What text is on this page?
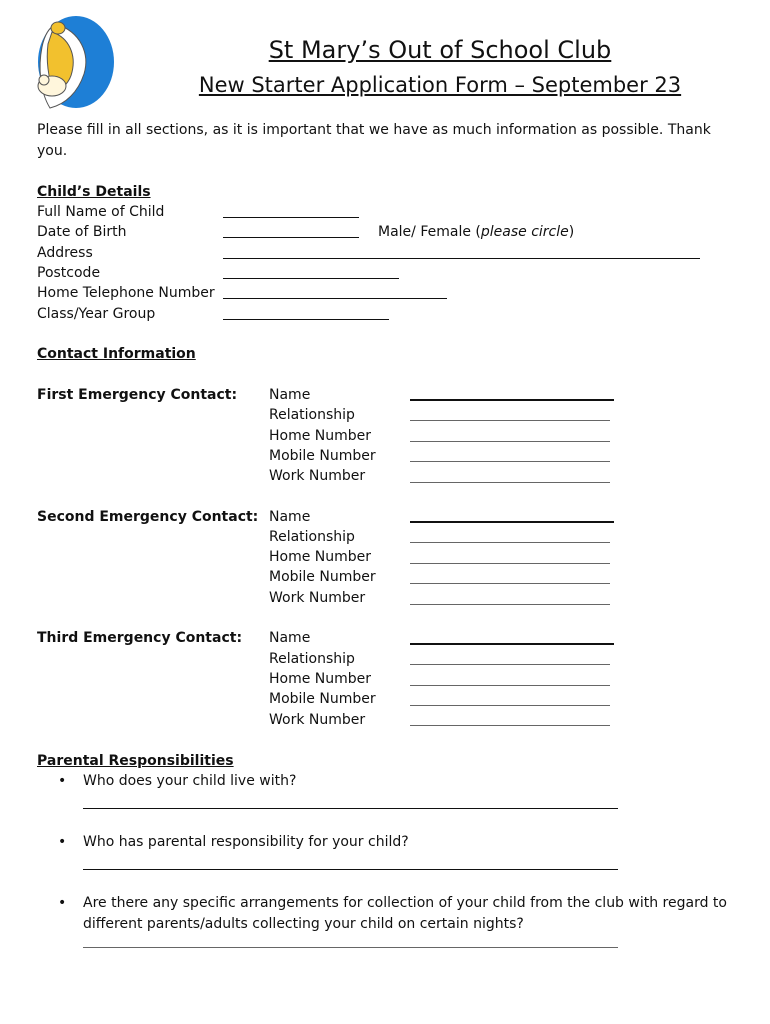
St Mary’s Out of School Club
New Starter Application Form – September 23
Please fill in all sections, as it is important that we have as much information as possible. Thank you.
Child’s Details
Full Name of Child
Date of Birth	Male/ Female (please circle)
Address
Postcode
Home Telephone Number
Class/Year Group
Contact Information
First Emergency Contact: Name
Relationship
Home Number
Mobile Number
Work Number
Second Emergency Contact: Name
Relationship
Home Number
Mobile Number
Work Number
Third Emergency Contact: Name
Relationship
Home Number
Mobile Number
Work Number
Parental Responsibilities
• Who does your child live with?
• Who has parental responsibility for your child?
• Are there any specific arrangements for collection of your child from the club with regard to different parents/adults collecting your child on certain nights?
